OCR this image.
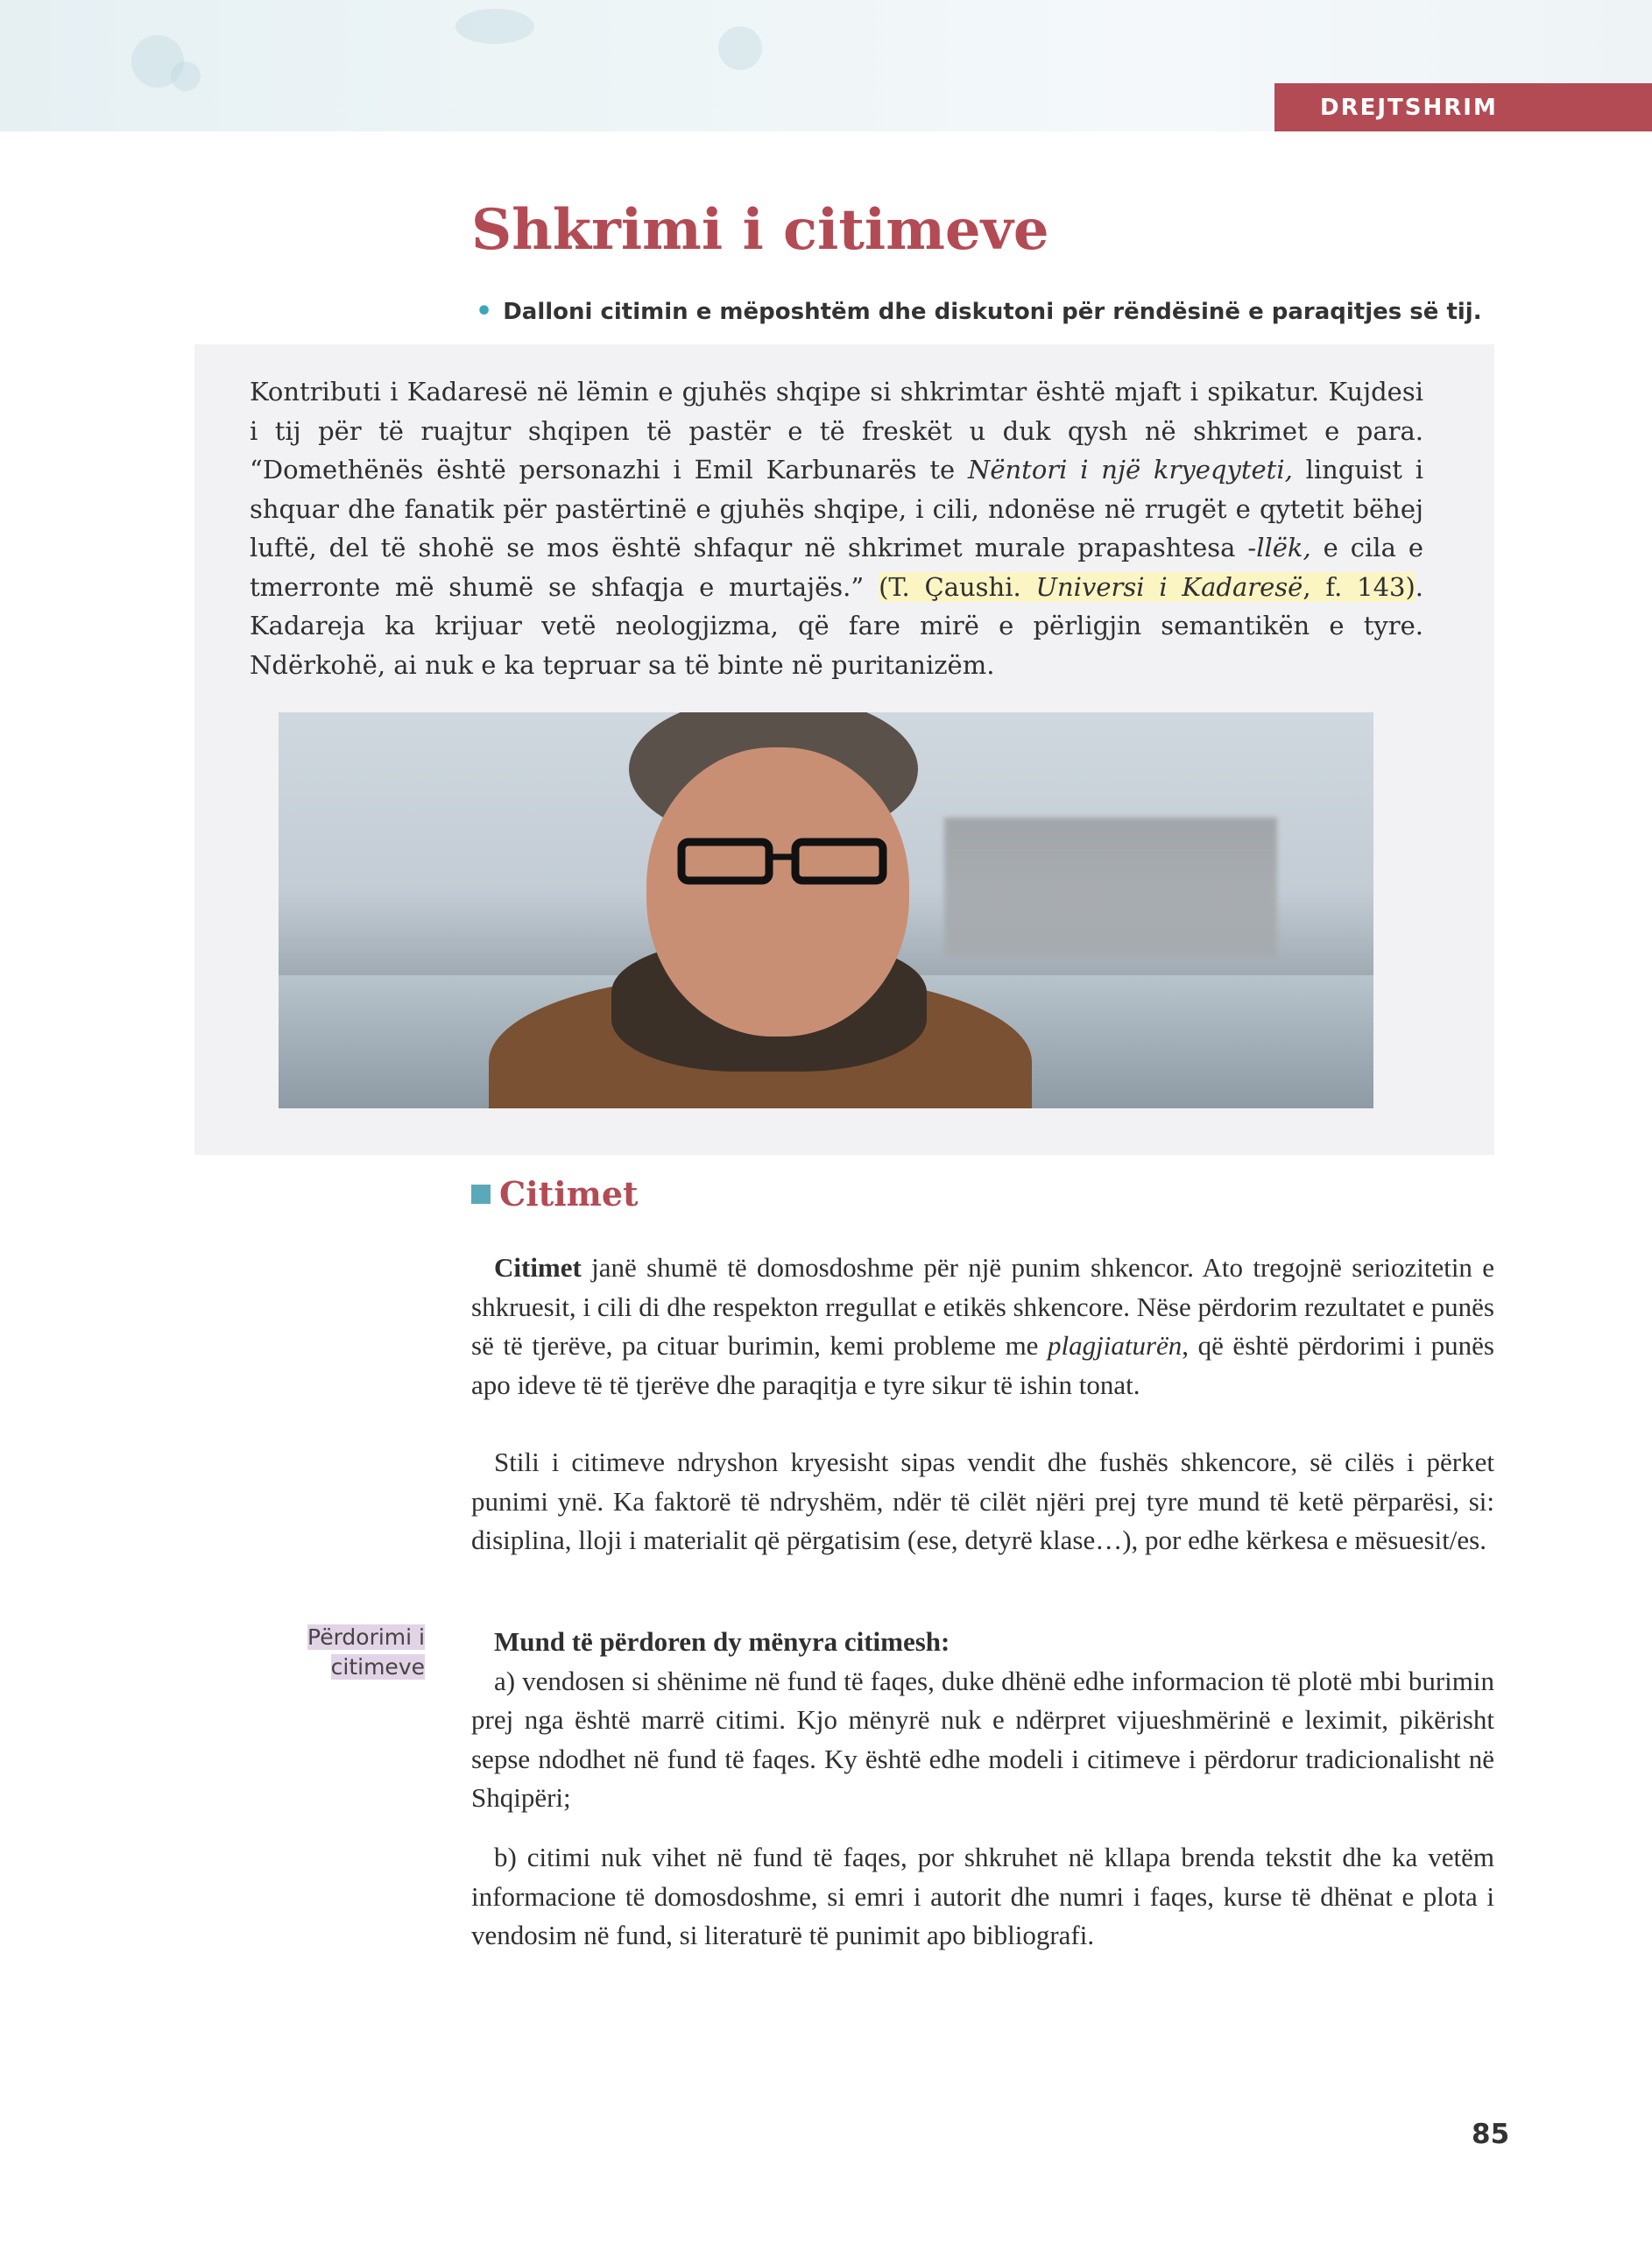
DREJTSHRIM
Shkrimi i citimeve
• Dalloni citimin e mëposhtëm dhe diskutoni për rëndësinë e paraqitjes së tij.

Kontributi i Kadaresë në lëmin e gjuhës shqipe si shkrimtar është mjaft i spikatur. Kujdesi i tij për të ruajtur shqipen të pastër e të freskët u duk qysh në shkrimet e para. “Domethënës është personazhi i Emil Karbunarës te Nëntori i një kryeqyteti, linguist i shquar dhe fanatik për pastërtinë e gjuhës shqipe, i cili, ndonëse në rrugët e qytetit bëhej luftë, del të shohë se mos është shfaqur në shkrimet murale prapashtesa -llëk, e cila e tmerronte më shumë se shfaqja e murtajës.” (T. Çaushi. Universi i Kadaresë, f. 143). Kadareja ka krijuar vetë neologjizma, që fare mirë e përligjin semantikën e tyre. Ndërkohë, ai nuk e ka tepruar sa të binte në puritanizëm.

Citimet

Citimet janë shumë të domosdoshme për një punim shkencor. Ato tregojnë seriozitetin e shkruesit, i cili di dhe respekton rregullat e etikës shkencore. Nëse përdorim rezultatet e punës së të tjerëve, pa cituar burimin, kemi probleme me plagjiaturën, që është përdorimi i punës apo ideve të të tjerëve dhe paraqitja e tyre sikur të ishin tonat.

Stili i citimeve ndryshon kryesisht sipas vendit dhe fushës shkencore, së cilës i përket punimi ynë. Ka faktorë të ndryshëm, ndër të cilët njëri prej tyre mund të ketë përparësi, si: disiplina, lloji i materialit që përgatisim (ese, detyrë klase…), por edhe kërkesa e mësuesit/es.

Mund të përdoren dy mënyra citimesh:
a) vendosen si shënime në fund të faqes, duke dhënë edhe informacion të plotë mbi burimin prej nga është marrë citimi. Kjo mënyrë nuk e ndërpret vijueshmërinë e leximit, pikërisht sepse ndodhet në fund të faqes. Ky është edhe modeli i citimeve i përdorur tradicionalisht në Shqipëri;

b) citimi nuk vihet në fund të faqes, por shkruhet në kllapa brenda tekstit dhe ka vetëm informacione të domosdoshme, si emri i autorit dhe numri i faqes, kurse të dhënat e plota i vendosim në fund, si literaturë të punimit apo bibliografi.

Përdorimi i
citimeve
85
